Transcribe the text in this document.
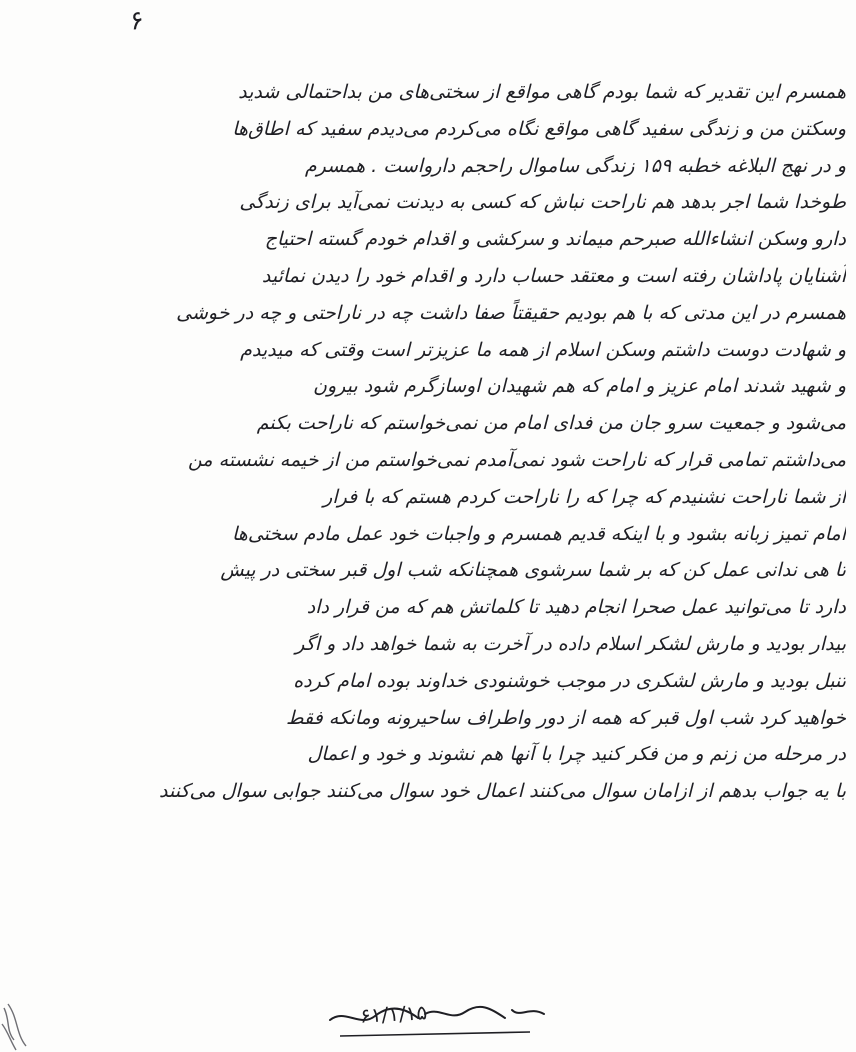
۶
همسرم این تقدیر که شما بودم گاهی مواقع از سختی‌های من بداحتمالی شدید
وسکتن من و زندگی سفید گاهی مواقع نگاه می‌کردم می‌دیدم سفید که اطاق‌ها
و در نهج البلاغه خطبه ۱۵۹ زندگی ساموال راحجم دارواست . همسرم
طوخدا شما اجر بدهد هم ناراحت نباش که کسی به دیدنت نمی‌آید برای زندگی
دارو وسکن انشاءالله صبرحم میماند و سرکشی و اقدام خودم گسته احتیاج
آشنایان پاداشان رفته است و معتقد حساب دارد و اقدام خود را دیدن نمائید
همسرم در این مدتی که با هم بودیم حقیقتاً صفا داشت چه در ناراحتی و چه در خوشی
و شهادت دوست داشتم وسکن اسلام از همه ما عزیزتر است وقتی که میدیدم
و شهید شدند امام عزیز و امام که هم شهیدان اوسازگرم شود بیرون
می‌شود و جمعیت سرو جان من فدای امام من نمی‌خواستم که ناراحت بکنم
می‌داشتم تمامی قرار که ناراحت شود نمی‌آمدم نمی‌خواستم من از خیمه نشسته من
از شما ناراحت نشنیدم که چرا که را ناراحت کردم هستم که با فرار
امام تمیز زبانه بشود و با اینکه قدیم همسرم و واجبات خود عمل مادم سختی‌ها
تا هی ندانی عمل کن که بر شما سرشوی همچنانکه شب اول قبر سختی در پیش
دارد تا می‌توانید عمل صحرا انجام دهید تا کلماتش هم که من قرار داد
بیدار بودید و مارش لشکر اسلام داده در آخرت به شما خواهد داد و اگر
تنبل بودید و مارش لشکری در موجب خوشنودی خداوند بوده امام کرده
خواهید کرد شب اول قبر که همه از دور واطراف ساحیرونه ومانکه فقط
در مرحله من زنم و من فکر کنید چرا با آنها هم نشوند و خود و اعمال
با یه جواب بدهم از ازامان سوال می‌کنند اعمال خود سوال می‌کنند جوابی سوال می‌کنند
۶۱/۱/۱۵
